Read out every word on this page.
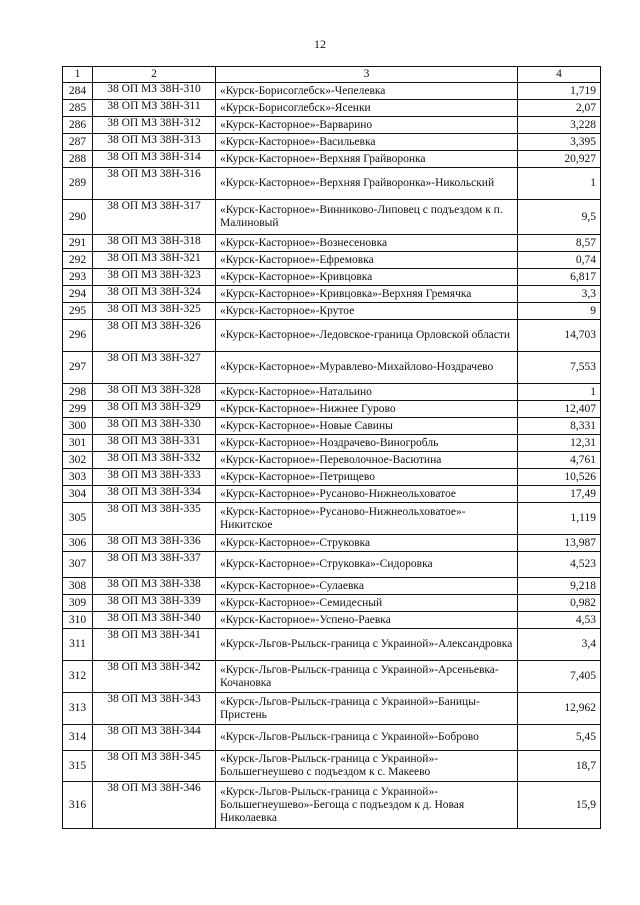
12
1	2	3	4
284	38 ОП МЗ 38Н-310	«Курск-Борисоглебск»-Чепелевка	1,719
285	38 ОП МЗ 38Н-311	«Курск-Борисоглебск»-Ясенки	2,07
286	38 ОП МЗ 38Н-312	«Курск-Касторное»-Варварино	3,228
287	38 ОП МЗ 38Н-313	«Курск-Касторное»-Васильевка	3,395
288	38 ОП МЗ 38Н-314	«Курск-Касторное»-Верхняя Грайворонка	20,927
289	38 ОП МЗ 38Н-316	«Курск-Касторное»-Верхняя Грайворонка»-Никольский	1
290	38 ОП МЗ 38Н-317	«Курск-Касторное»-Винниково-Липовец с подъездом к п. Малиновый	9,5
291	38 ОП МЗ 38Н-318	«Курск-Касторное»-Вознесеновка	8,57
292	38 ОП МЗ 38Н-321	«Курск-Касторное»-Ефремовка	0,74
293	38 ОП МЗ 38Н-323	«Курск-Касторное»-Кривцовка	6,817
294	38 ОП МЗ 38Н-324	«Курск-Касторное»-Кривцовка»-Верхняя Гремячка	3,3
295	38 ОП МЗ 38Н-325	«Курск-Касторное»-Крутое	9
296	38 ОП МЗ 38Н-326	«Курск-Касторное»-Ледовское-граница Орловской области	14,703
297	38 ОП МЗ 38Н-327	«Курск-Касторное»-Муравлево-Михайлово-Ноздрачево	7,553
298	38 ОП МЗ 38Н-328	«Курск-Касторное»-Натальино	1
299	38 ОП МЗ 38Н-329	«Курск-Касторное»-Нижнее Гурово	12,407
300	38 ОП МЗ 38Н-330	«Курск-Касторное»-Новые Савины	8,331
301	38 ОП МЗ 38Н-331	«Курск-Касторное»-Ноздрачево-Виногробль	12,31
302	38 ОП МЗ 38Н-332	«Курск-Касторное»-Переволочное-Васютина	4,761
303	38 ОП МЗ 38Н-333	«Курск-Касторное»-Петрищево	10,526
304	38 ОП МЗ 38Н-334	«Курск-Касторное»-Русаново-Нижнеольховатое	17,49
305	38 ОП МЗ 38Н-335	«Курск-Касторное»-Русаново-Нижнеольховатое»-Никитское	1,119
306	38 ОП МЗ 38Н-336	«Курск-Касторное»-Струковка	13,987
307	38 ОП МЗ 38Н-337	«Курск-Касторное»-Струковка»-Сидоровка	4,523
308	38 ОП МЗ 38Н-338	«Курск-Касторное»-Сулаевка	9,218
309	38 ОП МЗ 38Н-339	«Курск-Касторное»-Семидесный	0,982
310	38 ОП МЗ 38Н-340	«Курск-Касторное»-Успено-Раевка	4,53
311	38 ОП МЗ 38Н-341	«Курск-Льгов-Рыльск-граница с Украиной»-Александровка	3,4
312	38 ОП МЗ 38Н-342	«Курск-Льгов-Рыльск-граница с Украиной»-Арсеньевка-Кочановка	7,405
313	38 ОП МЗ 38Н-343	«Курск-Льгов-Рыльск-граница с Украиной»-Баницы-Пристень	12,962
314	38 ОП МЗ 38Н-344	«Курск-Льгов-Рыльск-граница с Украиной»-Боброво	5,45
315	38 ОП МЗ 38Н-345	«Курск-Льгов-Рыльск-граница с Украиной»-Большегнеушево с подъездом к с. Макеево	18,7
316	38 ОП МЗ 38Н-346	«Курск-Льгов-Рыльск-граница с Украиной»-Большегнеушево»-Бегоща с подъездом к д. Новая Николаевка	15,9
